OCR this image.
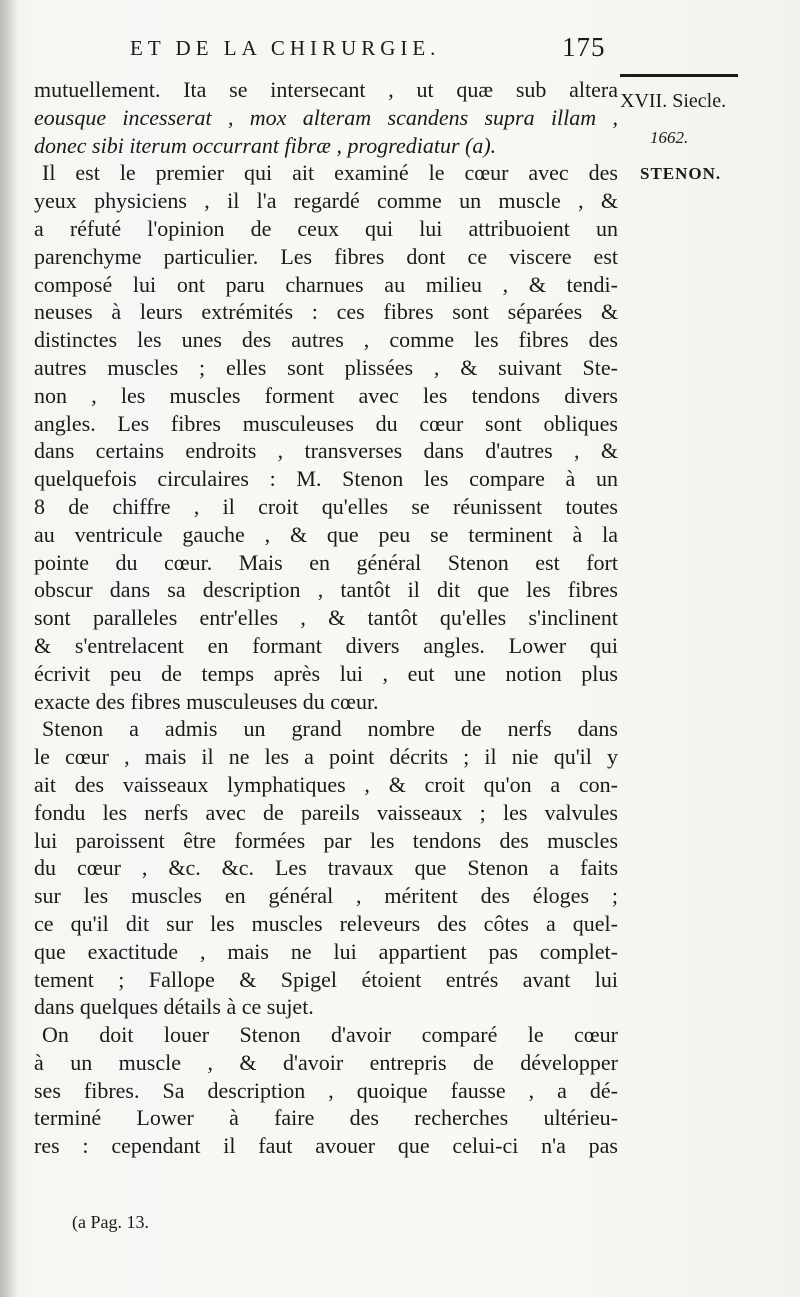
ET DE LA CHIRURGIE.	175
XVII. Siecle.
1662.
STENON.
mutuellement. Ita se intersecant , ut quæ sub altera
eousque incesserat , mox alteram scandens supra illam ,
donec sibi iterum occurrant fibræ , progrediatur (a).
Il est le premier qui ait examiné le cœur avec des
yeux physiciens , il l'a regardé comme un muscle , &
a réfuté l'opinion de ceux qui lui attribuoient un
parenchyme particulier. Les fibres dont ce viscere est
composé lui ont paru charnues au milieu , & tendi-
neuses à leurs extrémités : ces fibres sont séparées &
distinctes les unes des autres , comme les fibres des
autres muscles ; elles sont plissées , & suivant Ste-
non , les muscles forment avec les tendons divers
angles. Les fibres musculeuses du cœur sont obliques
dans certains endroits , transverses dans d'autres , &
quelquefois circulaires : M. Stenon les compare à un
8 de chiffre , il croit qu'elles se réunissent toutes
au ventricule gauche , & que peu se terminent à la
pointe du cœur. Mais en général Stenon est fort
obscur dans sa description , tantôt il dit que les fibres
sont paralleles entr'elles , & tantôt qu'elles s'inclinent
& s'entrelacent en formant divers angles. Lower qui
écrivit peu de temps après lui , eut une notion plus
exacte des fibres musculeuses du cœur.
Stenon a admis un grand nombre de nerfs dans
le cœur , mais il ne les a point décrits ; il nie qu'il y
ait des vaisseaux lymphatiques , & croit qu'on a con-
fondu les nerfs avec de pareils vaisseaux ; les valvules
lui paroissent être formées par les tendons des muscles
du cœur , &c. &c. Les travaux que Stenon a faits
sur les muscles en général , méritent des éloges ;
ce qu'il dit sur les muscles releveurs des côtes a quel-
que exactitude , mais ne lui appartient pas complet-
tement ; Fallope & Spigel étoient entrés avant lui
dans quelques détails à ce sujet.
On doit louer Stenon d'avoir comparé le cœur
à un muscle , & d'avoir entrepris de développer
ses fibres. Sa description , quoique fausse , a dé-
terminé Lower à faire des recherches ultérieu-
res : cependant il faut avouer que celui-ci n'a pas
(a Pag. 13.
